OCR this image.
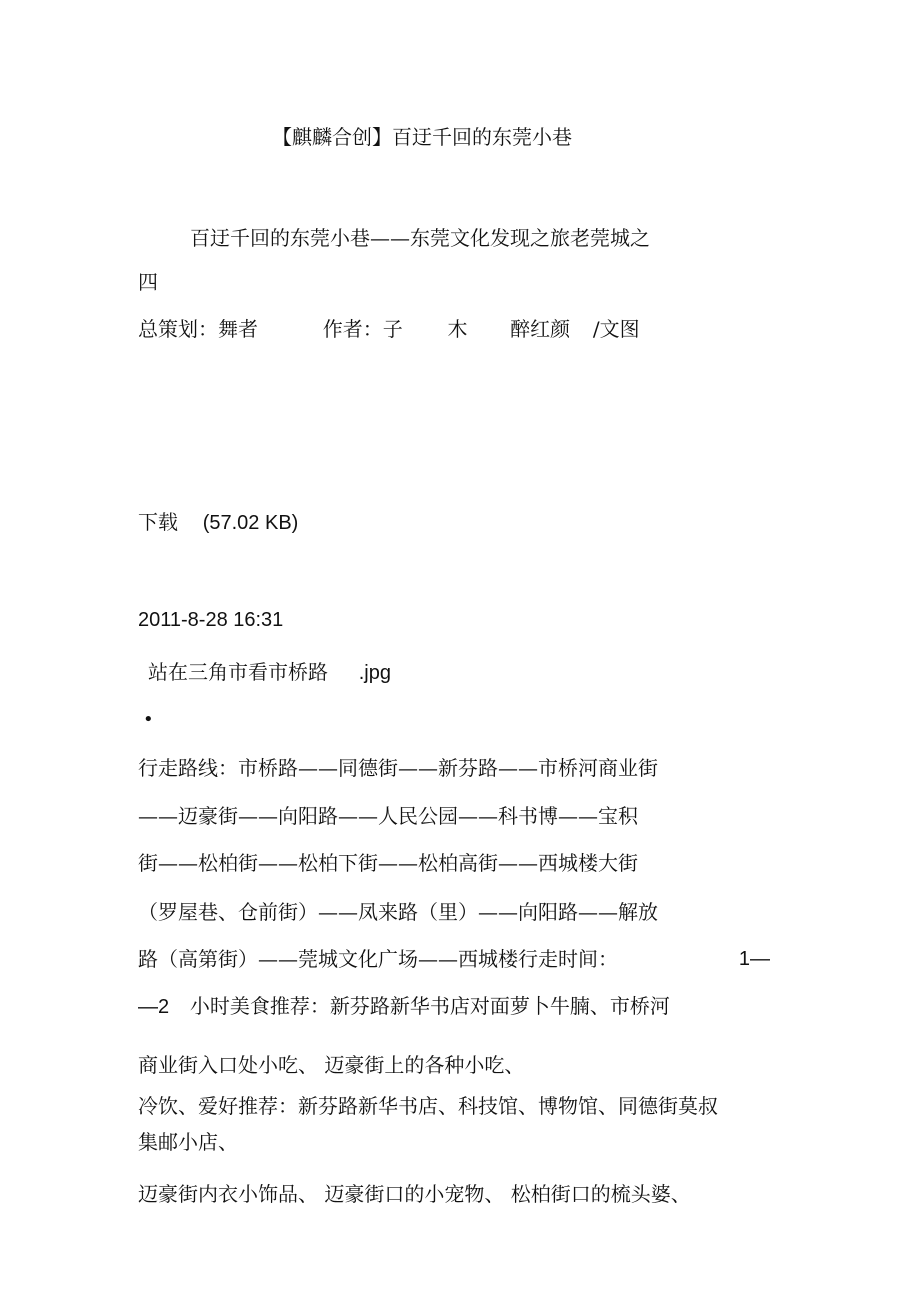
【麒麟合创】百迂千回的东莞小巷
百迂千回的东莞小巷——东莞文化发现之旅老莞城之
四
总策划：舞者	作者：子 木 醉红颜 /文图
下载 (57.02 KB)
2011-8-28 16:31
站在三角市看市桥路 .jpg
•
行走路线：市桥路——同德街——新芬路——市桥河商业街
——迈豪街——向阳路——人民公园——科书博——宝积
街——松柏街——松柏下街——松柏高街——西城楼大街
（罗屋巷、仓前街）——凤来路（里）——向阳路——解放
路（高第街）——莞城文化广场——西城楼行走时间：	1—
—2 小时美食推荐：新芬路新华书店对面萝卜牛腩、市桥河
商业街入口处小吃、 迈豪街上的各种小吃、
冷饮、爱好推荐：新芬路新华书店、科技馆、博物馆、同德街莫叔
集邮小店、
迈豪街内衣小饰品、 迈豪街口的小宠物、 松柏街口的梳头婆、
